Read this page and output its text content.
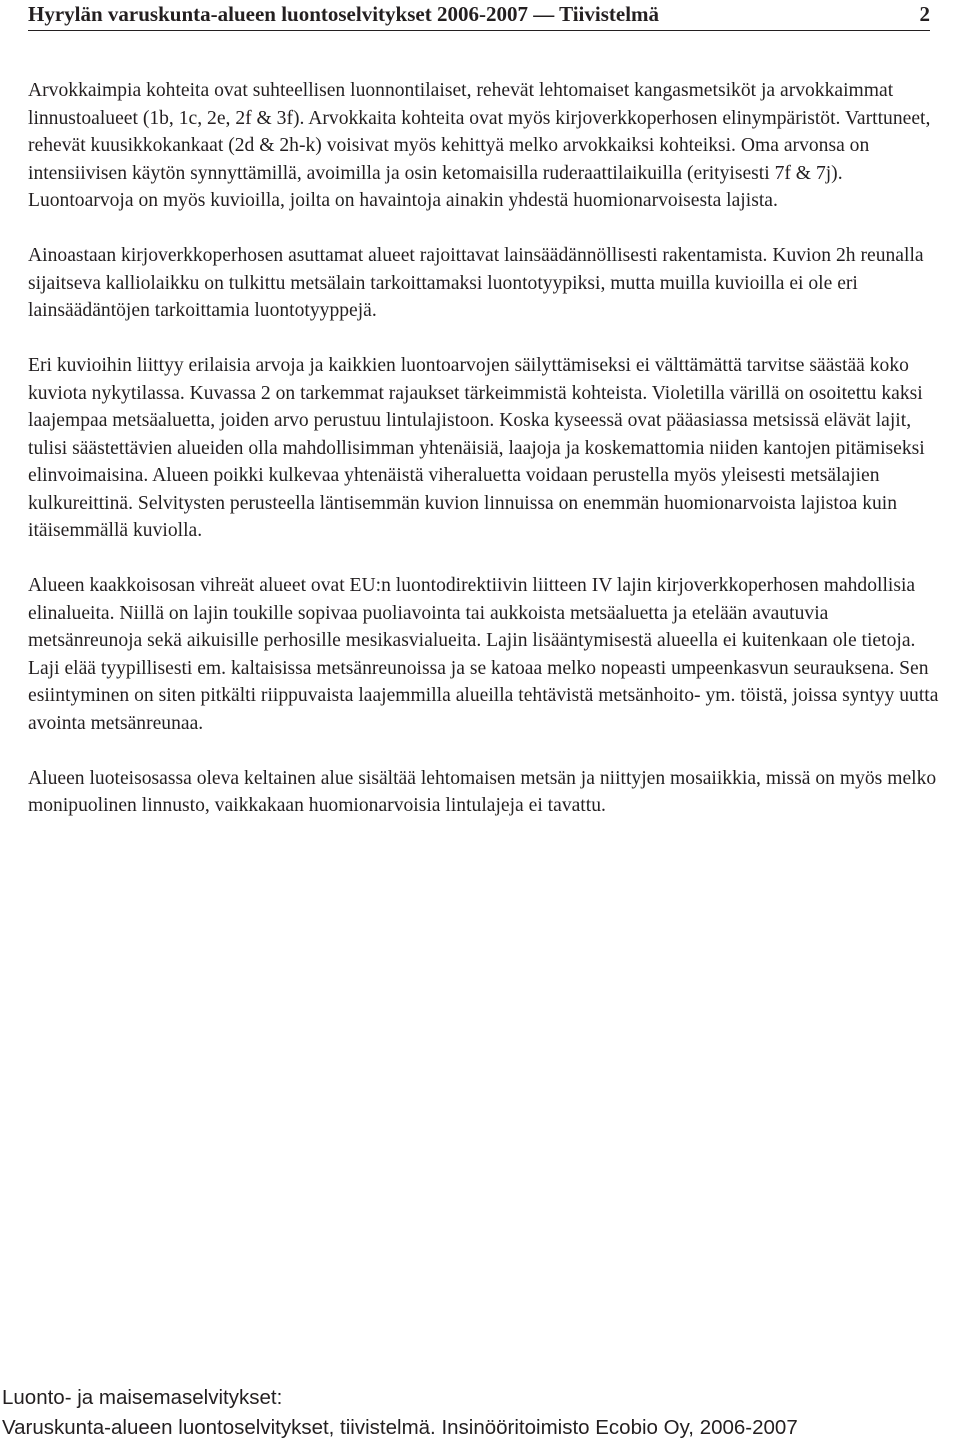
Hyrylän varuskunta-alueen luontoselvitykset 2006-2007 — Tiivistelmä	2

Arvokkaimpia kohteita ovat suhteellisen luonnontilaiset, rehevät lehtomaiset kangasmetsiköt ja arvokkaimmat linnustoalueet (1b, 1c, 2e, 2f & 3f). Arvokkaita kohteita ovat myös kirjoverkkoperhosen elinympäristöt. Varttuneet, rehevät kuusikkokankaat (2d & 2h-k) voisivat myös kehittyä melko arvokkaiksi kohteiksi. Oma arvonsa on intensiivisen käytön synnyttämillä, avoimilla ja osin ketomaisilla ruderaattilaikuilla (erityisesti 7f & 7j). Luontoarvoja on myös kuvioilla, joilta on havaintoja ainakin yhdestä huomionarvoisesta lajista.

Ainoastaan kirjoverkkoperhosen asuttamat alueet rajoittavat lainsäädännöllisesti rakentamista. Kuvion 2h reunalla sijaitseva kalliolaikku on tulkittu metsälain tarkoittamaksi luontotyypiksi, mutta muilla kuvioilla ei ole eri lainsäädäntöjen tarkoittamia luontotyyppejä.

Eri kuvioihin liittyy erilaisia arvoja ja kaikkien luontoarvojen säilyttämiseksi ei välttämättä tarvitse säästää koko kuviota nykytilassa. Kuvassa 2 on tarkemmat rajaukset tärkeimmistä kohteista. Violetilla värillä on osoitettu kaksi laajempaa metsäaluetta, joiden arvo perustuu lintulajistoon. Koska kyseessä ovat pääasiassa metsissä elävät lajit, tulisi säästettävien alueiden olla mahdollisimman yhtenäisiä, laajoja ja koskemattomia niiden kantojen pitämiseksi elinvoimaisina. Alueen poikki kulkevaa yhtenäistä viheraluetta voidaan perustella myös yleisesti metsälajien kulkureittinä. Selvitysten perusteella läntisemmän kuvion linnuissa on enemmän huomionarvoista lajistoa kuin itäisemmällä kuviolla.

Alueen kaakkoisosan vihreät alueet ovat EU:n luontodirektiivin liitteen IV lajin kirjoverkkoperhosen mahdollisia elinalueita. Niillä on lajin toukille sopivaa puoliavointa tai aukkoista metsäaluetta ja etelään avautuvia metsänreunoja sekä aikuisille perhosille mesikasvialueita. Lajin lisääntymisestä alueella ei kuitenkaan ole tietoja. Laji elää tyypillisesti em. kaltaisissa metsänreunoissa ja se katoaa melko nopeasti umpeenkasvun seurauksena. Sen esiintyminen on siten pitkälti riippuvaista laajemmilla alueilla tehtävistä metsänhoito- ym. töistä, joissa syntyy uutta avointa metsänreunaa.

Alueen luoteisosassa oleva keltainen alue sisältää lehtomaisen metsän ja niittyjen mosaiikkia, missä on myös melko monipuolinen linnusto, vaikkakaan huomionarvoisia lintulajeja ei tavattu.

Luonto- ja maisemaselvitykset:
Varuskunta-alueen luontoselvitykset, tiivistelmä. Insinööritoimisto Ecobio Oy, 2006-2007
